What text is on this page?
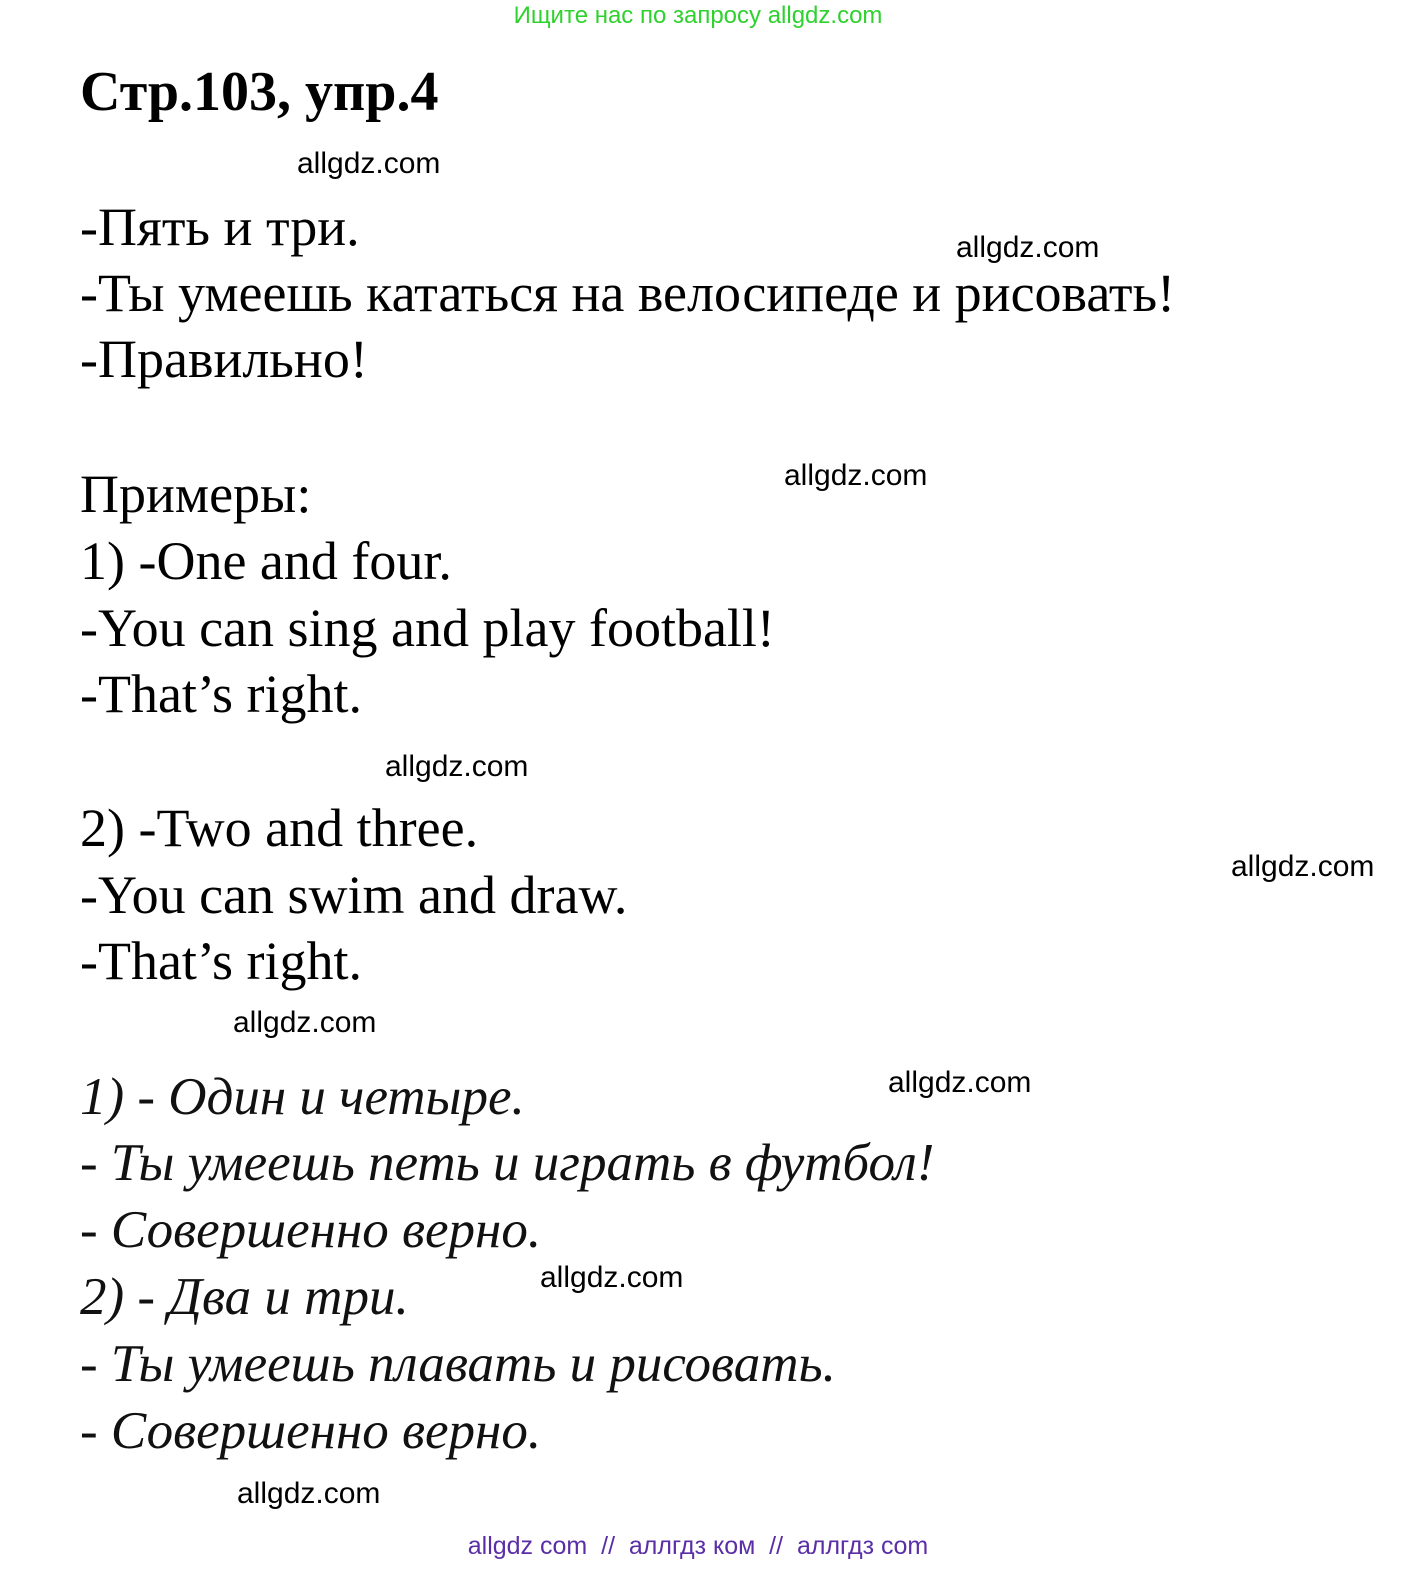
Ищите нас по запросу allgdz.com
Стр.103, упр.4
allgdz.com
allgdz.com
allgdz.com
allgdz.com
allgdz.com
allgdz.com
allgdz.com
allgdz.com
allgdz.com
-Пять и три.
-Ты умеешь кататься на велосипеде и рисовать!
-Правильно!
Примеры:
1) -One and four.
-You can sing and play football!
-That’s right.
2) -Two and three.
-You can swim and draw.
-That’s right.
1) - Один и четыре.
- Ты умеешь петь и играть в футбол!
- Совершенно верно.
2) - Два и три.
- Ты умеешь плавать и рисовать.
- Совершенно верно.
allgdz com  //  аллгдз ком  //  аллгдз com
